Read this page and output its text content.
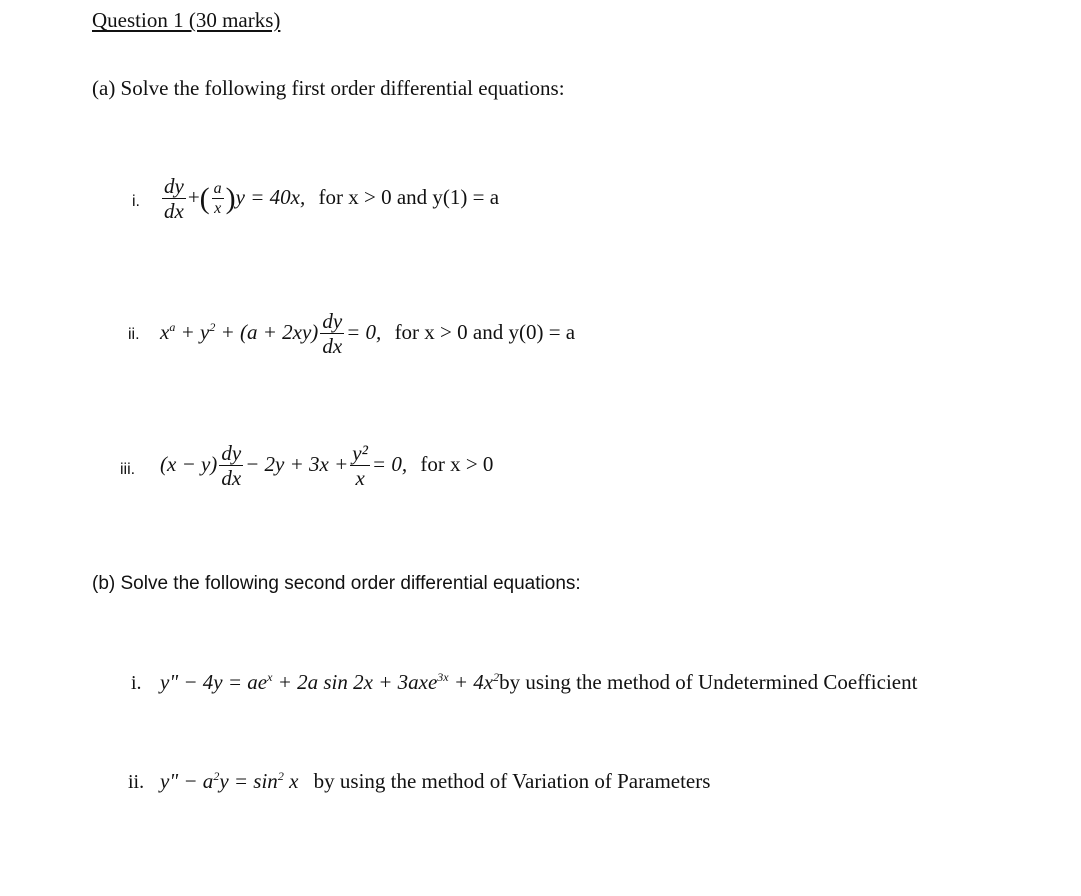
Question 1 (30 marks)
(a) Solve the following first order differential equations:
i. $\frac{dy}{dx}$ +( $\frac{a}{x} )y = 40x$, for x > 0 and y(1) = a
ii. $x^a + y^2 + (a + 2xy) \frac{dy}{dx} = 0$, for x > 0 and y(0) = a
iii. $(x - y) \frac{dy}{dx} - 2y + 3x + \frac{\text{y²}}{x} = 0$, for x > 0
(b) Solve the following second order differential equations:
i. y" − $4y = ae^x + 2a$ $\sin 2x + 3axe^{3x} + 4x^2by$ using the method of Undetermined Coefficient
ii. y" − $a^2y = \sin^2 x$ by using the method of Variation of Parameters
